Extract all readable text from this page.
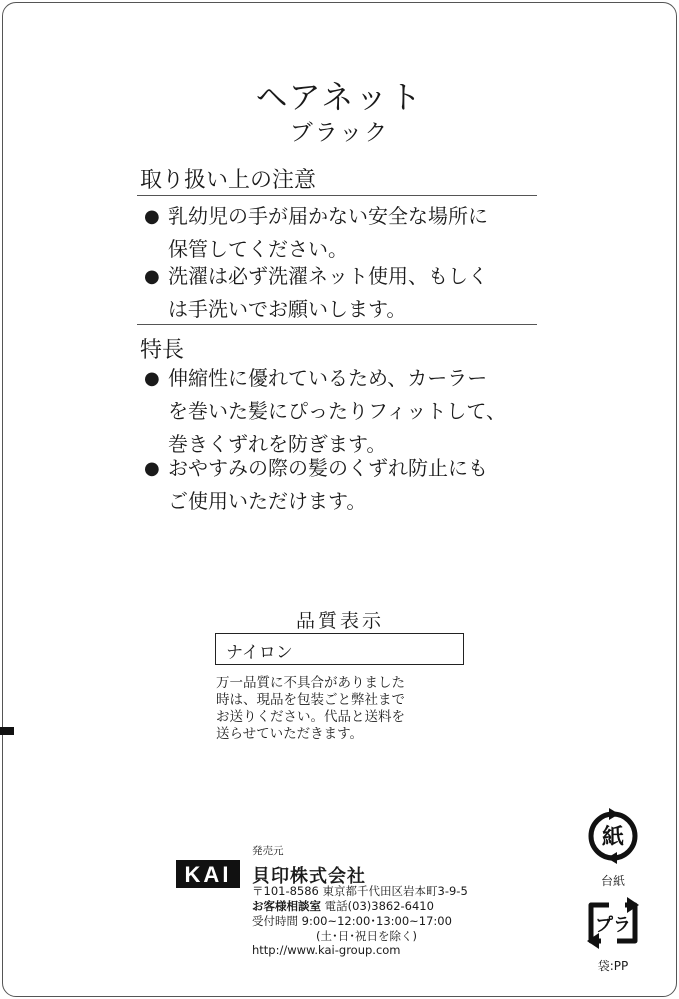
ヘアネット
ブラック
取り扱い上の注意
● 乳幼児の手が届かない安全な場所に
保管してください。
● 洗濯は必ず洗濯ネット使用、もしく
は手洗いでお願いします。
特長
● 伸縮性に優れているため、カーラー
を巻いた髪にぴったりフィットして、
巻きくずれを防ぎます。
● おやすみの際の髪のくずれ防止にも
ご使用いただけます。
品質表示
ナイロン
万一品質に不具合がありました
時は、現品を包装ごと弊社まで
お送りください。代品と送料を
送らせていただきます。
発売元
KAI 貝印株式会社
〒101-8586 東京都千代田区岩本町3-9-5
お客様相談室 電話(03)3862-6410
受付時間 9:00~12:00･13:00~17:00
(土･日･祝日を除く)
http://www.kai-group.com
紙
台紙
プラ
袋:PP
